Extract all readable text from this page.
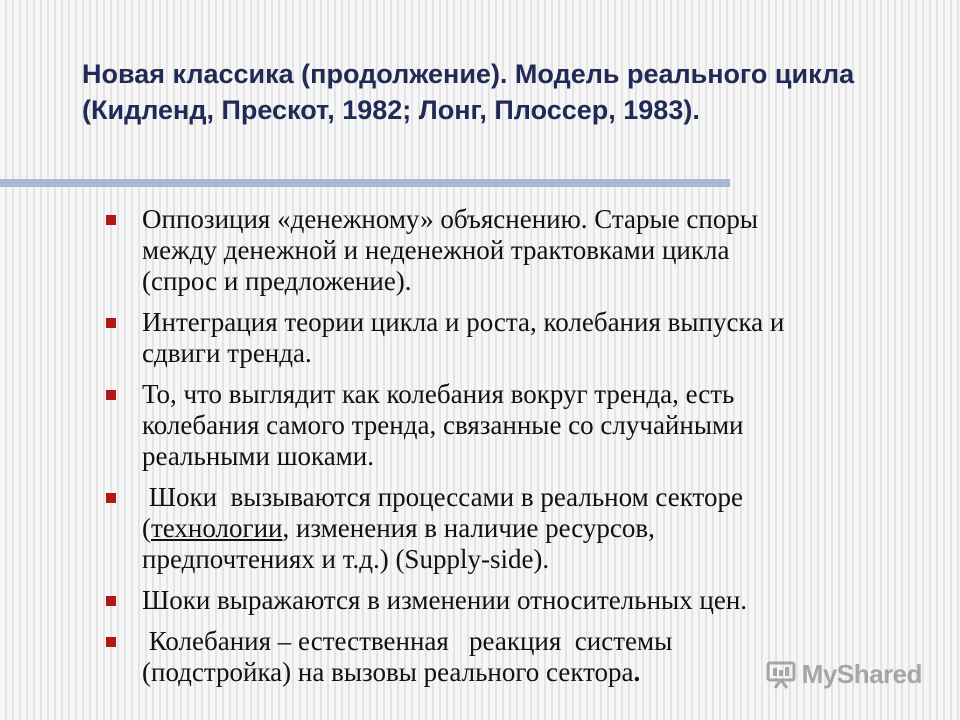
Новая классика (продолжение). Модель реального цикла
(Кидленд, Прескот, 1982; Лонг, Плоссер, 1983).
Оппозиция «денежному» объяснению. Старые споры
между денежной и неденежной трактовками цикла
(спрос и предложение).
Интеграция теории цикла и роста, колебания выпуска и
сдвиги тренда.
То, что выглядит как колебания вокруг тренда, есть
колебания самого тренда, связанные со случайными
реальными шоками.
Шоки  вызываются процессами в реальном секторе
(технологии, изменения в наличие ресурсов,
предпочтениях и т.д.) (Supply-side).
Шоки выражаются в изменении относительных цен.
Колебания – естественная   реакция  системы
(подстройка) на вызовы реального сектора.	MyShared
